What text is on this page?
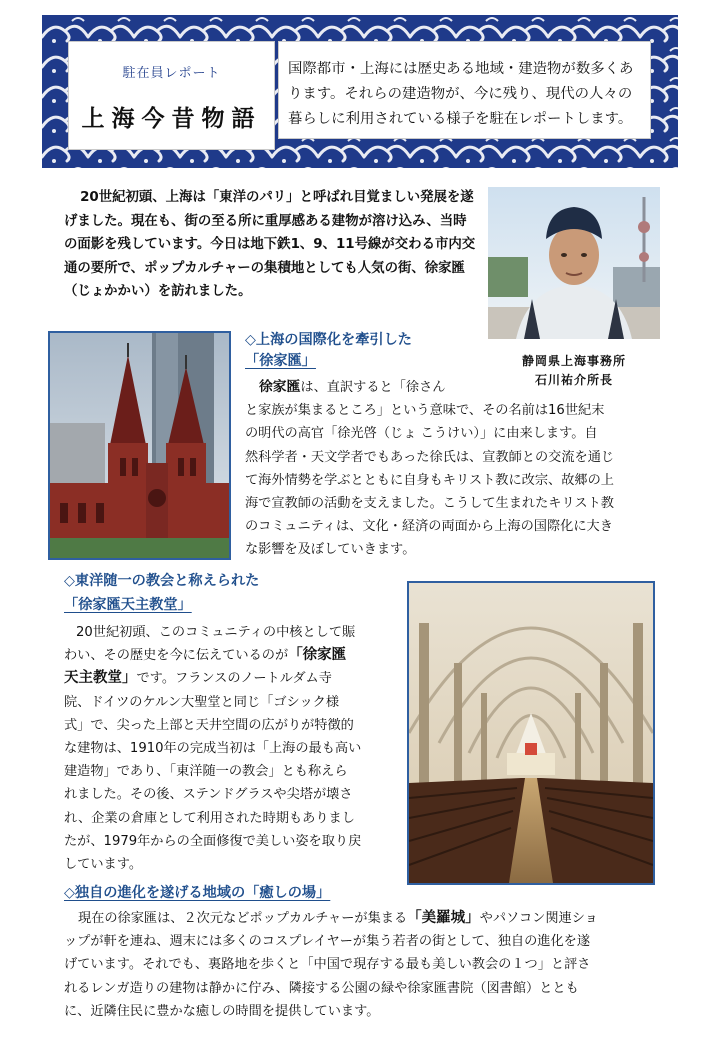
駐在員レポート
上海今昔物語
国際都市・上海には歴史ある地域・建造物が数多くあります。それらの建造物が、今に残り、現代の人々の暮らしに利用されている様子を駐在レポートします。
20世紀初頭、上海は「東洋のパリ」と呼ばれ目覚ましい発展を遂げました。現在も、街の至る所に重厚感ある建物が溶け込み、当時の面影を残しています。今日は地下鉄1、9、11号線が交わる市内交通の要所で、ポップカルチャーの集積地としても人気の街、徐家匯（じょかかい）を訪れました。
静岡県上海事務所
石川祐介所長
◇上海の国際化を牽引した
「徐家匯」
徐家匯は、直訳すると「徐さん
と家族が集まるところ」という意味で、その名前は16世紀末
の明代の高官「徐光啓（じょ こうけい）」に由来します。自
然科学者・天文学者でもあった徐氏は、宣教師との交流を通じ
て海外情勢を学ぶとともに自身もキリスト教に改宗、故郷の上
海で宣教師の活動を支えました。こうして生まれたキリスト教
のコミュニティは、文化・経済の両面から上海の国際化に大き
な影響を及ぼしていきます。
◇東洋随一の教会と称えられた
「徐家匯天主教堂」
20世紀初頭、このコミュニティの中核として賑
わい、その歴史を今に伝えているのが「徐家匯
天主教堂」です。フランスのノートルダム寺
院、ドイツのケルン大聖堂と同じ「ゴシック様
式」で、尖った上部と天井空間の広がりが特徴的
な建物は、1910年の完成当初は「上海の最も高い
建造物」であり、「東洋随一の教会」とも称えら
れました。その後、ステンドグラスや尖塔が壊さ
れ、企業の倉庫として利用された時期もありまし
たが、1979年からの全面修復で美しい姿を取り戻
しています。
◇独自の進化を遂げる地域の「癒しの場」
現在の徐家匯は、２次元などポップカルチャーが集まる「美羅城」やパソコン関連ショ
ップが軒を連ね、週末には多くのコスプレイヤーが集う若者の街として、独自の進化を遂
げています。それでも、裏路地を歩くと「中国で現存する最も美しい教会の１つ」と評さ
れるレンガ造りの建物は静かに佇み、隣接する公園の緑や徐家匯書院（図書館）ととも
に、近隣住民に豊かな癒しの時間を提供しています。
